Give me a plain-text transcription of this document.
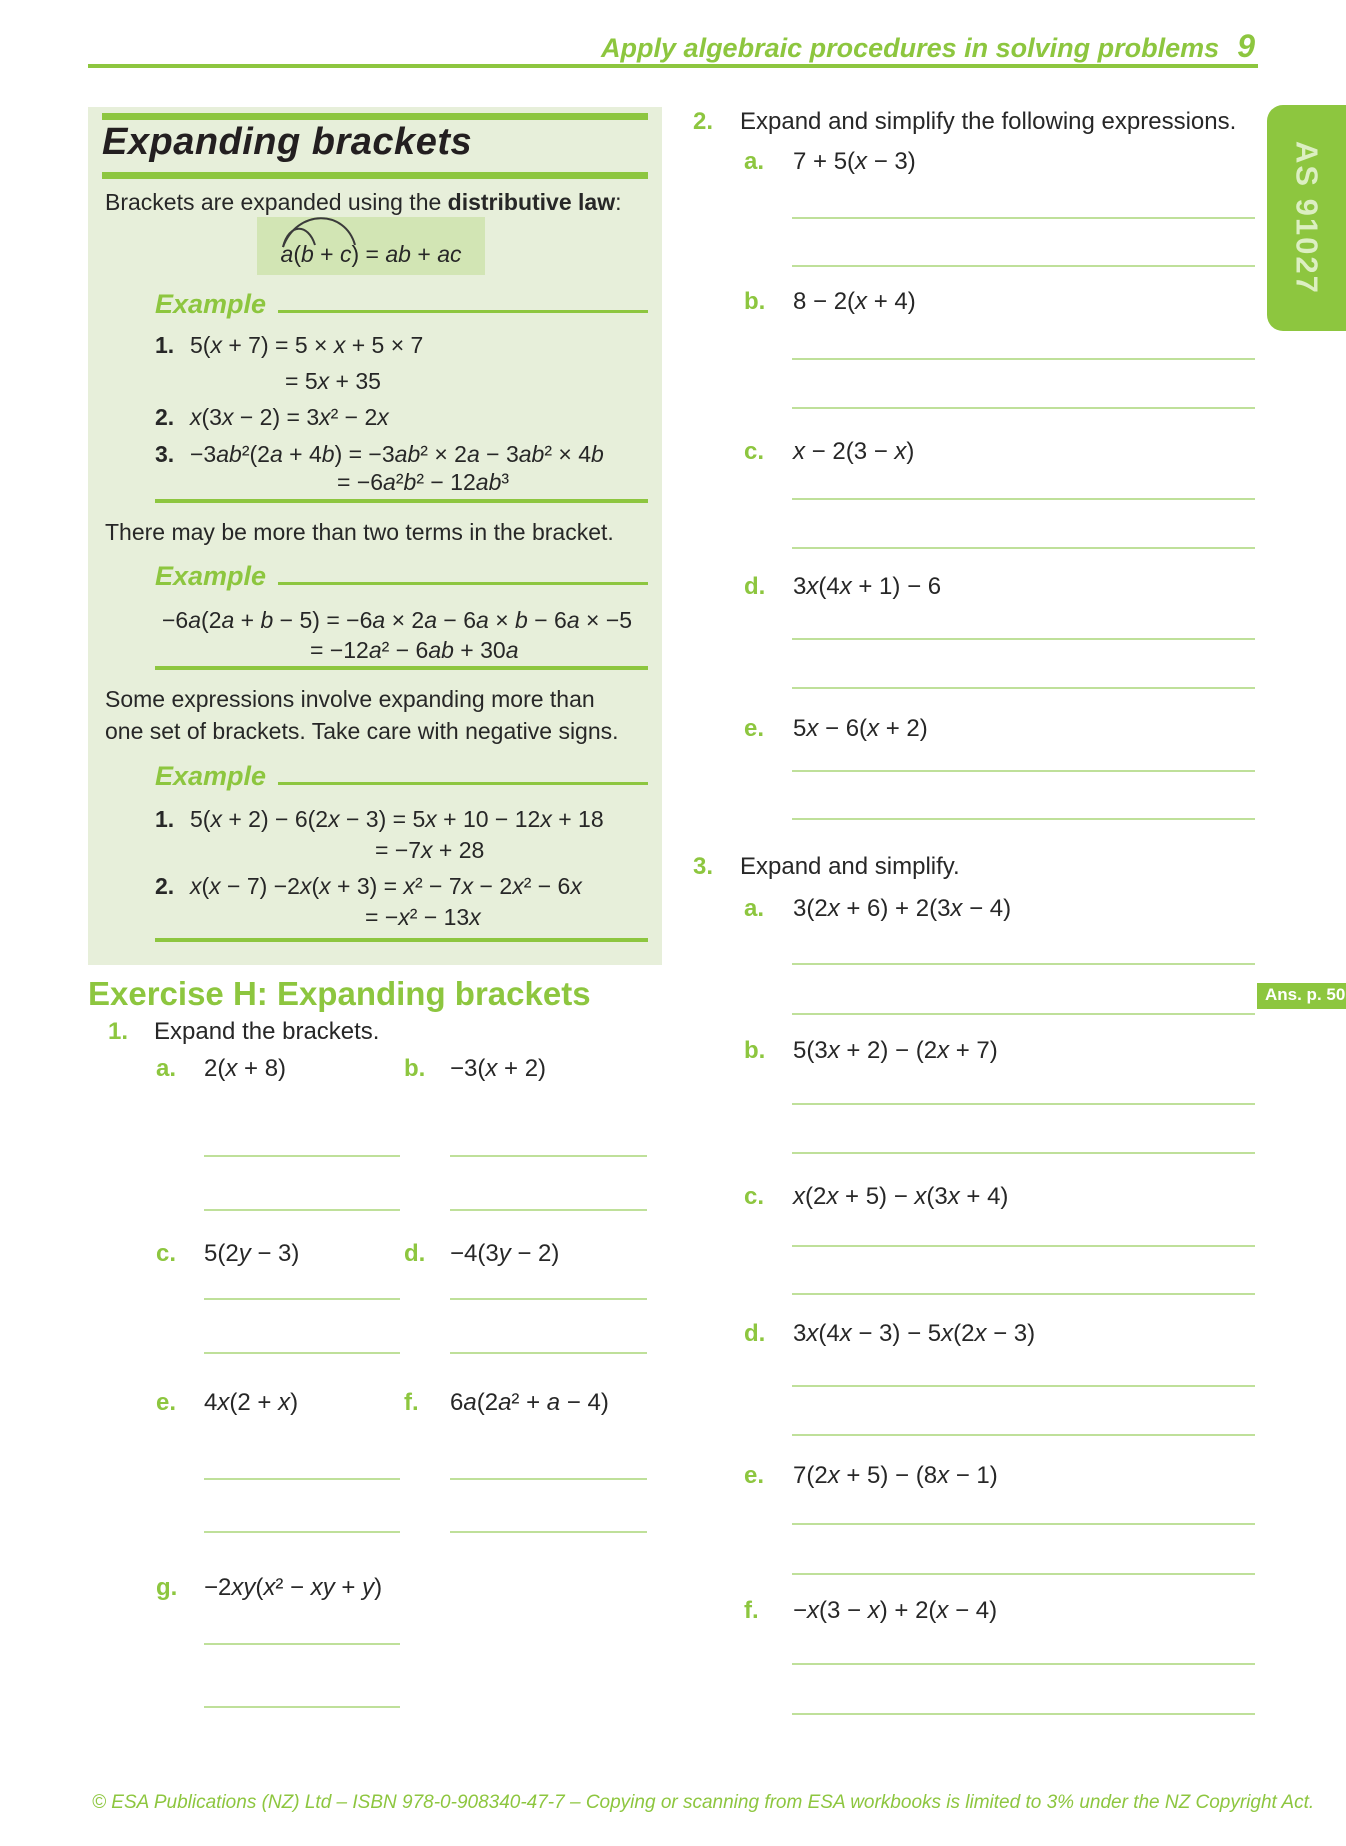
Apply algebraic procedures in solving problems 9
AS 91027
Expanding brackets

Brackets are expanded using the distributive law:

a(b + c) = ab + ac
Example
1. 5(x + 7) = 5 × x + 5 × 7
= 5x + 35
2. x(3x − 2) = 3x² − 2x
3. −3ab²(2a + 4b) = −3ab² × 2a − 3ab² × 4b
= −6a²b² − 12ab³

There may be more than two terms in the bracket.

Example
−6a(2a + b − 5) = −6a × 2a − 6a × b − 6a × −5
= −12a² − 6ab + 30a

Some expressions involve expanding more than

one set of brackets. Take care with negative signs.

Example
1. 5(x + 2) − 6(2x − 3) = 5x + 10 − 12x + 18
= −7x + 28
2. x(x − 7) −2x(x + 3) = x² − 7x − 2x² − 6x
= −x² − 13x
Exercise H: Expanding brackets
1. Expand the brackets.
a. 2(x + 8)	b. −3(x + 2)
c. 5(2y − 3)	d. −4(3y − 2)
e. 4x(2 + x)	f. 6a(2a² + a − 4)
g. −2xy(x² − xy + y)
2. Expand and simplify the following expressions.
a. 7 + 5(x − 3)
b. 8 − 2(x + 4)
c. x − 2(3 − x)
d. 3x(4x + 1) − 6
e. 5x − 6(x + 2)
3. Expand and simplify.
a. 3(2x + 6) + 2(3x − 4)
b. 5(3x + 2) − (2x + 7)
c. x(2x + 5) − x(3x + 4)
d. 3x(4x − 3) − 5x(2x − 3)
e. 7(2x + 5) − (8x − 1)
f. −x(3 − x) + 2(x − 4)
Ans. p. 50
© ESA Publications (NZ) Ltd – ISBN 978-0-908340-47-7 – Copying or scanning from ESA workbooks is limited to 3% under the NZ Copyright Act.
